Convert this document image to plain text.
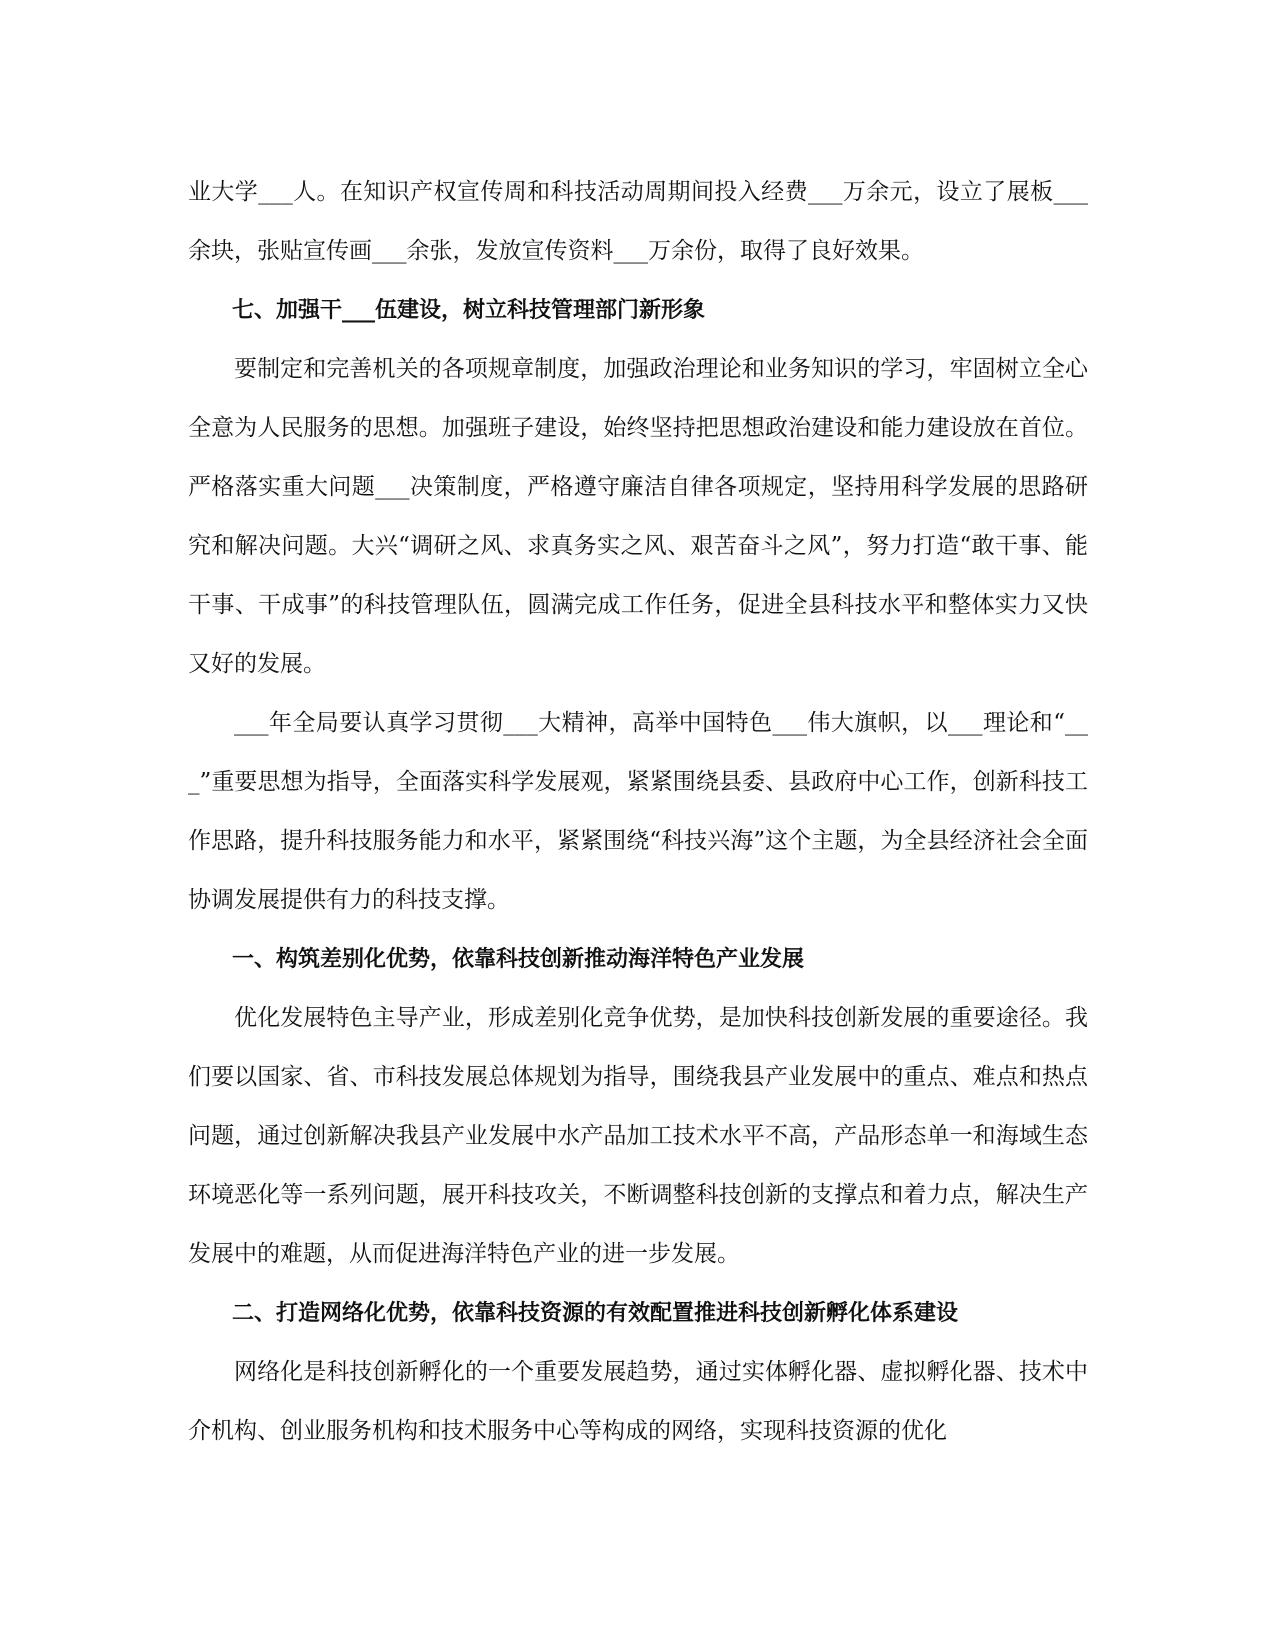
业大学___人。在知识产权宣传周和科技活动周期间投入经费___万余元，设立了展板___余块，张贴宣传画___余张，发放宣传资料___万余份，取得了良好效果。

七、加强干___伍建设，树立科技管理部门新形象

要制定和完善机关的各项规章制度，加强政治理论和业务知识的学习，牢固树立全心全意为人民服务的思想。加强班子建设，始终坚持把思想政治建设和能力建设放在首位。严格落实重大问题___决策制度，严格遵守廉洁自律各项规定，坚持用科学发展的思路研究和解决问题。大兴“调研之风、求真务实之风、艰苦奋斗之风”，努力打造“敢干事、能干事、干成事”的科技管理队伍，圆满完成工作任务，促进全县科技水平和整体实力又快又好的发展。

___年全局要认真学习贯彻___大精神，高举中国特色___伟大旗帜，以___理论和“___”重要思想为指导，全面落实科学发展观，紧紧围绕县委、县政府中心工作，创新科技工作思路，提升科技服务能力和水平，紧紧围绕“科技兴海”这个主题，为全县经济社会全面协调发展提供有力的科技支撑。

一、构筑差别化优势，依靠科技创新推动海洋特色产业发展

优化发展特色主导产业，形成差别化竞争优势，是加快科技创新发展的重要途径。我们要以国家、省、市科技发展总体规划为指导，围绕我县产业发展中的重点、难点和热点问题，通过创新解决我县产业发展中水产品加工技术水平不高，产品形态单一和海域生态环境恶化等一系列问题，展开科技攻关，不断调整科技创新的支撑点和着力点，解决生产发展中的难题，从而促进海洋特色产业的进一步发展。

二、打造网络化优势，依靠科技资源的有效配置推进科技创新孵化体系建设

网络化是科技创新孵化的一个重要发展趋势，通过实体孵化器、虚拟孵化器、技术中介机构、创业服务机构和技术服务中心等构成的网络，实现科技资源的优化
